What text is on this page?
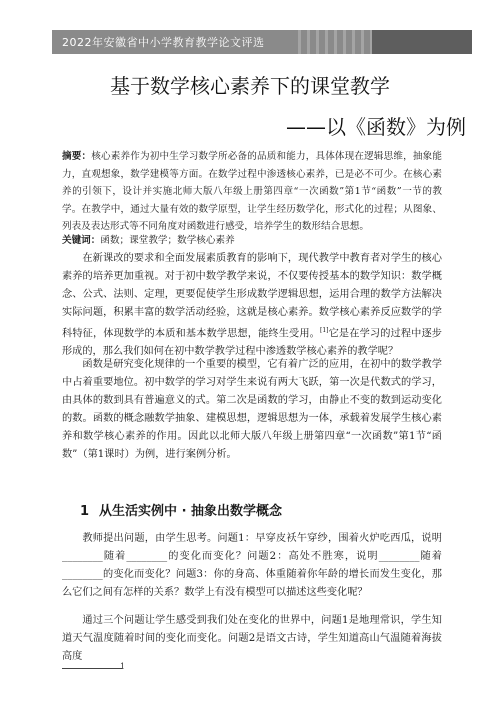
2022年安徽省中小学教育教学论文评选
基于数学核心素养下的课堂教学
——以《函数》为例

摘要：核心素养作为初中生学习数学所必备的品质和能力，具体体现在逻辑思维，抽象能力，直观想象，数学建模等方面。在数学过程中渗透核心素养，已是必不可少。在核心素养的引领下，设计并实施北师大版八年级上册第四章“一次函数”第1节“函数”一节的教学。在教学中，通过大量有效的数学原型，让学生经历数学化，形式化的过程；从图象、列表及表达形式等不同角度对函数进行感受，培养学生的数形结合思想。

关键词：函数；课堂教学；数学核心素养

在新课改的要求和全面发展素质教育的影响下，现代教学中教育者对学生的核心素养的培养更加重视。对于初中数学教学来说，不仅要传授基本的数学知识：数学概念、公式、法则、定理，更要促使学生形成数学逻辑思想，运用合理的数学方法解决实际问题，积累丰富的数学活动经验，这就是核心素养。数学核心素养反应数学的学科特征，体现数学的本质和基本数学思想，能终生受用。[1]它是在学习的过程中逐步形成的，那么我们如何在初中数学教学过程中渗透数学核心素养的教学呢？

函数是研究变化规律的一个重要的模型，它有着广泛的应用，在初中的数学教学中占着重要地位。初中数学的学习对学生来说有两大飞跃，第一次是代数式的学习，由具体的数到具有普遍意义的式。第二次是函数的学习，由静止不变的数到运动变化的数。函数的概念融数学抽象、建模思想，逻辑思想为一体，承载着发展学生核心素养和数学核心素养的作用。因此以北师大版八年级上册第四章“一次函数”第1节“函数”（第1课时）为例，进行案例分析。

1 从生活实例中 · 抽象出数学概念

教师提出问题，由学生思考。问题1：早穿皮袄午穿纱，围着火炉吃西瓜，说明________随着________的变化而变化？问题2：高处不胜寒，说明________随着________的变化而变化？问题3：你的身高、体重随着你年龄的增长而发生变化，那么它们之间有怎样的关系？数学上有没有模型可以描述这些变化呢？

通过三个问题让学生感受到我们处在变化的世界中，问题1是地理常识，学生知道天气温度随着时间的变化而变化。问题2是语文古诗，学生知道高山气温随着海拔高度

1
